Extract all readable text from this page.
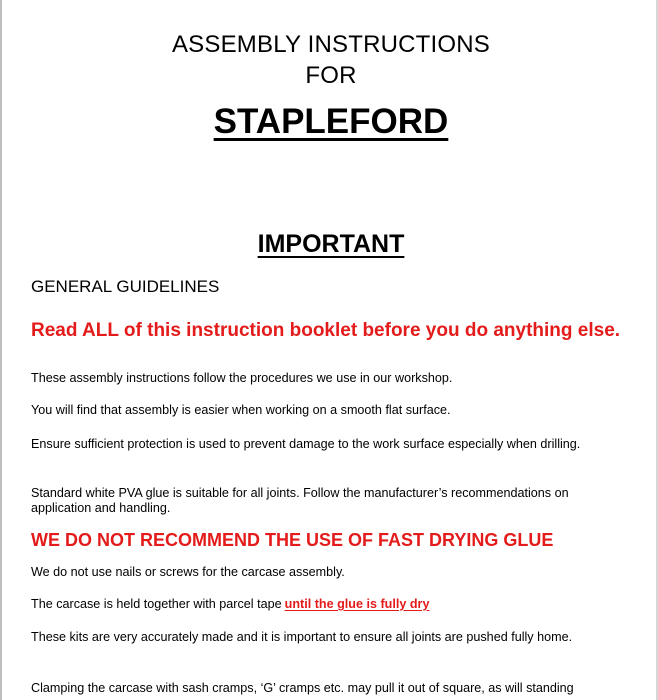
ASSEMBLY INSTRUCTIONS
FOR
STAPLEFORD
IMPORTANT
GENERAL GUIDELINES
Read ALL of this instruction booklet before you do anything else.
These assembly instructions follow the procedures we use in our workshop.
You will find that assembly is easier when working on a smooth flat surface.
Ensure sufficient protection is used to prevent damage to the work surface especially when drilling.
Standard white PVA glue is suitable for all joints. Follow the manufacturer’s recommendations on application and handling.
WE DO NOT RECOMMEND THE USE OF FAST DRYING GLUE
We do not use nails or screws for the carcase assembly.
The carcase is held together with parcel tape until the glue is fully dry
These kits are very accurately made and it is important to ensure all joints are pushed fully home.
Clamping the carcase with sash cramps, ‘G’ cramps etc. may pull it out of square, as will standing
